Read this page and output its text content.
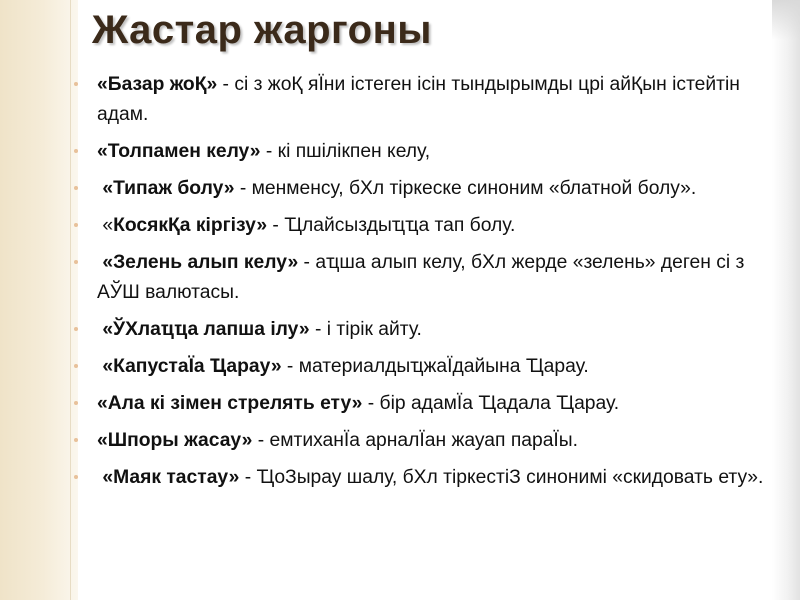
Жастар жаргоны
«Базар жоҚ» - сі з жоҚ яЇни істеген ісін тындырымды црі айҚын істейтін адам.
«Толпамен келу» - кі пшілікпен келу,
«Типаж болу» - менменсу, бХл тіркеске синоним «блатной болу».
«КосякҚа кіргізу» - Ҵлайсыздыҵҵа тап болу.
«Зелень алып келу» - аҵша алып келу, бХл жерде «зелень» деген сі з АЎШ валютасы.
«ЎХлаҵҵа лапша ілу» - і тірік айту.
«КапустаЇа Ҵарау» - материалдыҵжаЇдайына Ҵарау.
«Ала кі зімен стрелять ету» - бір адамЇа Ҵадала Ҵарау.
«Шпоры жасау» - емтиханЇа арналЇан жауап параЇы.
«Маяк тастау» - ҴоЗырау шалу, бХл тіркестіЗ синонимі «скидовать ету».
